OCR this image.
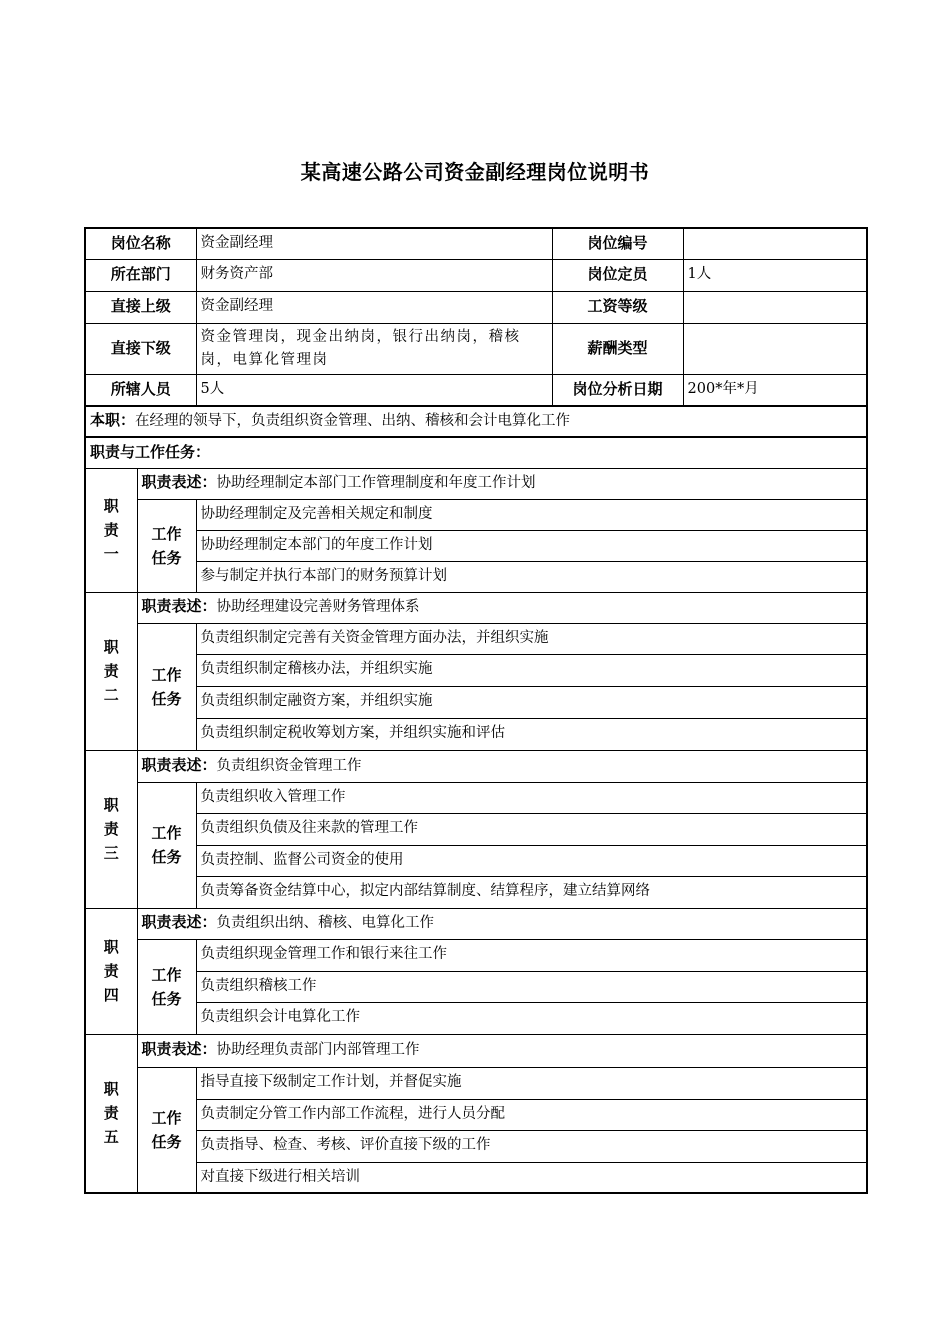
某高速公路公司资金副经理岗位说明书
岗位名称		资金副经理	岗位编号	
所在部门		财务资产部	岗位定员	1人
直接上级		资金副经理	工资等级	
直接下级		资金管理岗，现金出纳岗，银行出纳岗，稽核岗，电算化管理岗	薪酬类型	
所辖人员		5人	岗位分析日期	200*年*月
本职：在经理的领导下，负责组织资金管理、出纳、稽核和会计电算化工作				
职责与工作任务：				

职
责
一	职责表述：协助经理制定本部门工作管理制度和年度工作计划			

	工作
任务	协助经理制定及完善相关规定和制度		
		协助经理制定本部门的年度工作计划		
		参与制定并执行本部门的财务预算计划		

职
责
二	职责表述：协助经理建设完善财务管理体系			

	工作
任务	负责组织制定完善有关资金管理方面办法，并组织实施		
		负责组织制定稽核办法，并组织实施		
		负责组织制定融资方案，并组织实施		
		负责组织制定税收筹划方案，并组织实施和评估		

职
责
三	职责表述：负责组织资金管理工作			

	工作
任务	负责组织收入管理工作		
		负责组织负债及往来款的管理工作		
		负责控制、监督公司资金的使用		
		负责筹备资金结算中心，拟定内部结算制度、结算程序，建立结算网络		

职
责
四	职责表述：负责组织出纳、稽核、电算化工作			

	工作
任务	负责组织现金管理工作和银行来往工作		
		负责组织稽核工作		
		负责组织会计电算化工作		

职
责
五	职责表述：协助经理负责部门内部管理工作			

	工作
任务	指导直接下级制定工作计划，并督促实施		
		负责制定分管工作内部工作流程，进行人员分配		
		负责指导、检查、考核、评价直接下级的工作		
		对直接下级进行相关培训		
